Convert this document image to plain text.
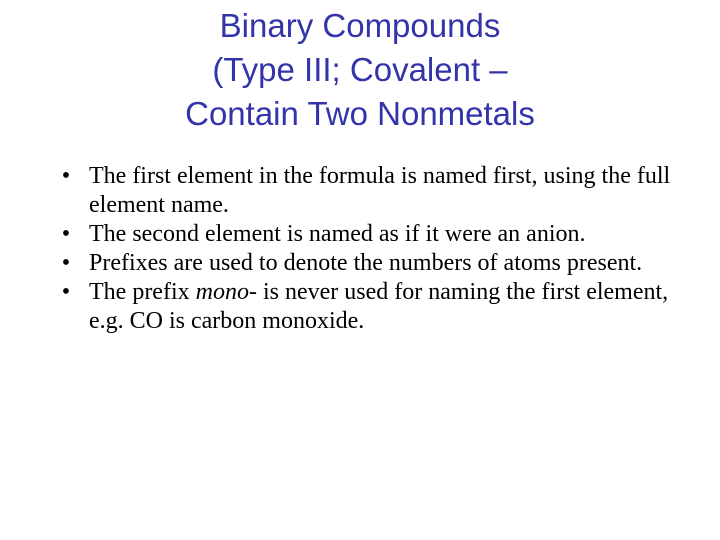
Binary Compounds
(Type III; Covalent –
Contain Two Nonmetals
• The first element in the formula is named first, using the full element name.
• The second element is named as if it were an anion.
• Prefixes are used to denote the numbers of atoms present.
• The prefix mono- is never used for naming the first element, e.g. CO is carbon monoxide.
